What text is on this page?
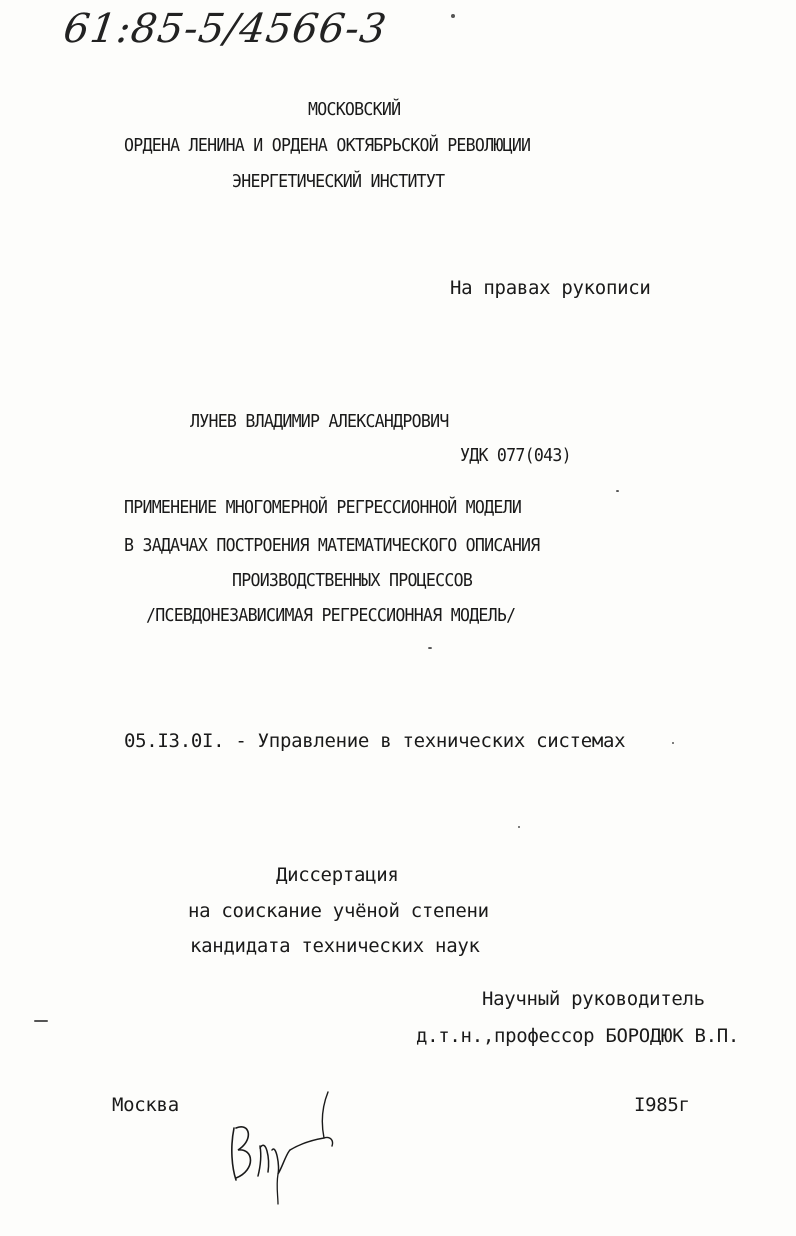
61:85-5/4566-3
МОСКОВСКИЙ
ОРДЕНА ЛЕНИНА И ОРДЕНА ОКТЯБРЬСКОЙ РЕВОЛЮЦИИ
ЭНЕРГЕТИЧЕСКИЙ ИНСТИТУТ
На правах рукописи
ЛУНЕВ ВЛАДИМИР АЛЕКСАНДРОВИЧ
УДК 077(043)
ПРИМЕНЕНИЕ МНОГОМЕРНОЙ РЕГРЕССИОННОЙ МОДЕЛИ
В ЗАДАЧАХ ПОСТРОЕНИЯ МАТЕМАТИЧЕСКОГО ОПИСАНИЯ
ПРОИЗВОДСТВЕННЫХ ПРОЦЕССОВ
/ПСЕВДОНЕЗАВИСИМАЯ РЕГРЕССИОННАЯ МОДЕЛЬ/
05.I3.0I. - Управление в технических системах
Диссертация
на соискание учёной степени
кандидата технических наук
Научный руководитель
д.т.н.,профессор БОРОДЮК В.П.
Москва	I985г
